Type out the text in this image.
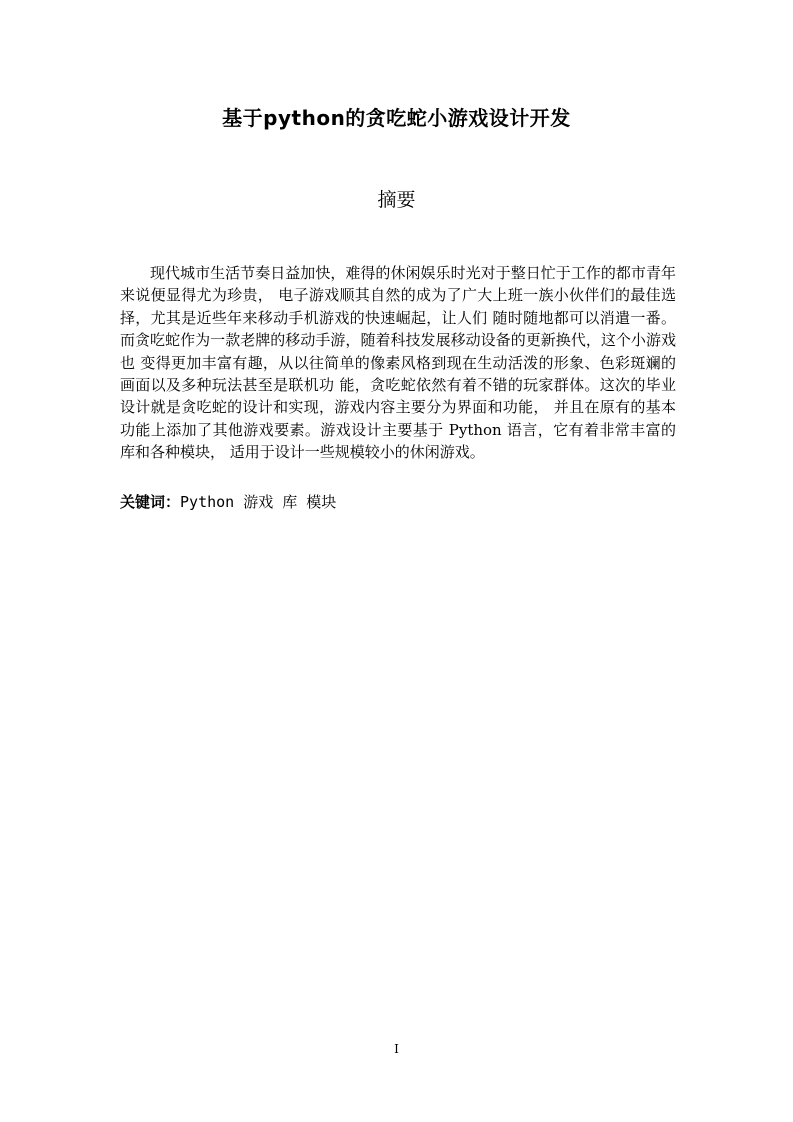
基于python的贪吃蛇小游戏设计开发
摘要

现代城市生活节奏日益加快，难得的休闲娱乐时光对于整日忙于工作的都市青年来说便显得尤为珍贵， 电子游戏顺其自然的成为了广大上班一族小伙伴们的最佳选择，尤其是近些年来移动手机游戏的快速崛起，让人们 随时随地都可以消遣一番。而贪吃蛇作为一款老牌的移动手游，随着科技发展移动设备的更新换代，这个小游戏也 变得更加丰富有趣，从以往简单的像素风格到现在生动活泼的形象、色彩斑斓的画面以及多种玩法甚至是联机功 能，贪吃蛇依然有着不错的玩家群体。这次的毕业设计就是贪吃蛇的设计和实现，游戏内容主要分为界面和功能， 并且在原有的基本功能上添加了其他游戏要素。游戏设计主要基于 Python 语言，它有着非常丰富的库和各种模块， 适用于设计一些规模较小的休闲游戏。

关键词：Python 游戏 库 模块
I
